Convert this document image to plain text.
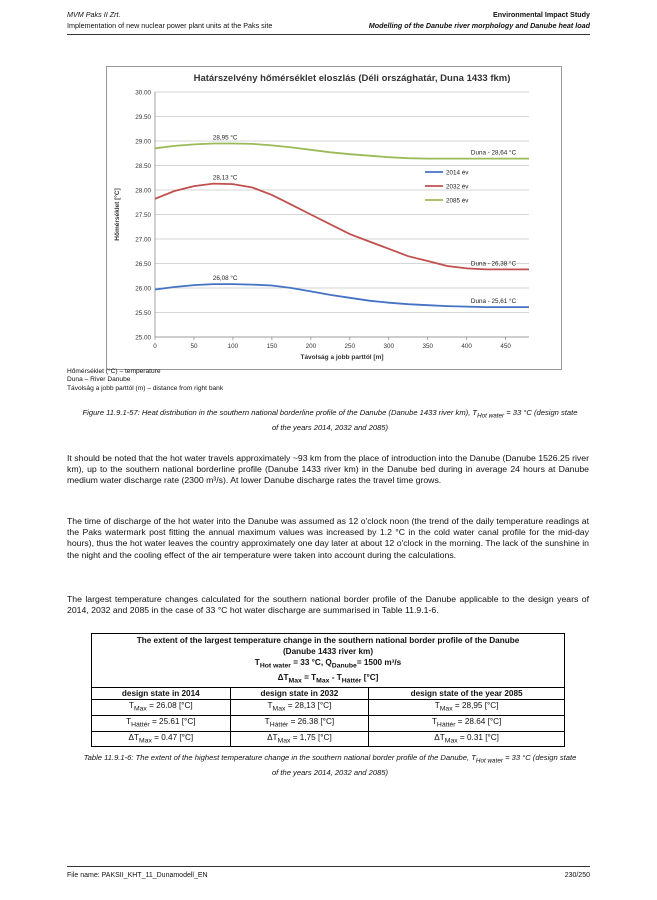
MVM Paks II Zrt.
Implementation of new nuclear power plant units at the Paks site
Environmental Impact Study
Modelling of the Danube river morphology and Danube heat load
Határszelvény hőmérséklet eloszlás (Déli országhatár, Duna 1433 fkm)
25.00
25.50
26.00
26.50
27.00
27.50
28.00
28.50
29.00
29.50
30.00
0	50	100	150	200	250	300	350	400	450
Távolság a jobb parttól [m]
Hőmérséklet [°C]
28,95 °C
28,13 °C
26,08 °C
Duna - 28,64 °C
Duna - 26,38 °C
Duna - 25,61 °C
2014 év
2032 év
2085 év
Hőmérséklet (°C) – temperature
Duna – River Danube
Távolság a jobb parttól (m) – distance from right bank
Figure 11.9.1-57: Heat distribution in the southern national borderline profile of the Danube (Danube 1433 river km), $T_{Hot water} = 33$ °C (design state of the years 2014, 2032 and 2085)
It should be noted that the hot water travels approximately ~93 km from the place of introduction into the Danube (Danube 1526.25 river km), up to the southern national borderline profile (Danube 1433 river km) in the Danube bed during in average 24 hours at Danube medium water discharge rate (2300 m³/s). At lower Danube discharge rates the travel time grows.
The time of discharge of the hot water into the Danube was assumed as 12 o'clock noon (the trend of the daily temperature readings at the Paks watermark post fitting the annual maximum values was increased by 1.2 °C in the cold water canal profile for the mid-day hours), thus the hot water leaves the country approximately one day later at about 12 o'clock in the morning. The lack of the sunshine in the night and the cooling effect of the air temperature were taken into account during the calculations.
The largest temperature changes calculated for the southern national border profile of the Danube applicable to the design years of 2014, 2032 and 2085 in the case of 33 °C hot water discharge are summarised in Table 11.9.1-6.
The extent of the largest temperature change in the southern national border profile of the Danube
(Danube 1433 river km)
$T_{Hot water} = 33$ °C, $Q_{Danube}= 1500$ m³/s
$\Delta T_{Max} = T_{Max} - T_{Háttér}$ [°C]		

design state in 2014	design state in 2032	design state of the year 2085
$T_{Max} = 26.08$ [°C]	$T_{Max} = 28,13$ [°C]	$T_{Max} = 28,95$ [°C]
$T_{Háttér} = 25.61$ [°C]	$T_{Háttér} = 26.38$ [°C]	$T_{Háttér} = 28.64$ [°C]
$\Delta T_{Max} = 0.47$ [°C]	$\Delta T_{Max} = 1,75$ [°C]	$\Delta T_{Max} = 0.31$ [°C]
Table 11.9.1-6: The extent of the highest temperature change in the southern national border profile of the Danube, $T_{Hot water} = 33$ °C (design state of the years 2014, 2032 and 2085)
File name: PAKSII_KHT_11_Dunamodell_EN	230/250
